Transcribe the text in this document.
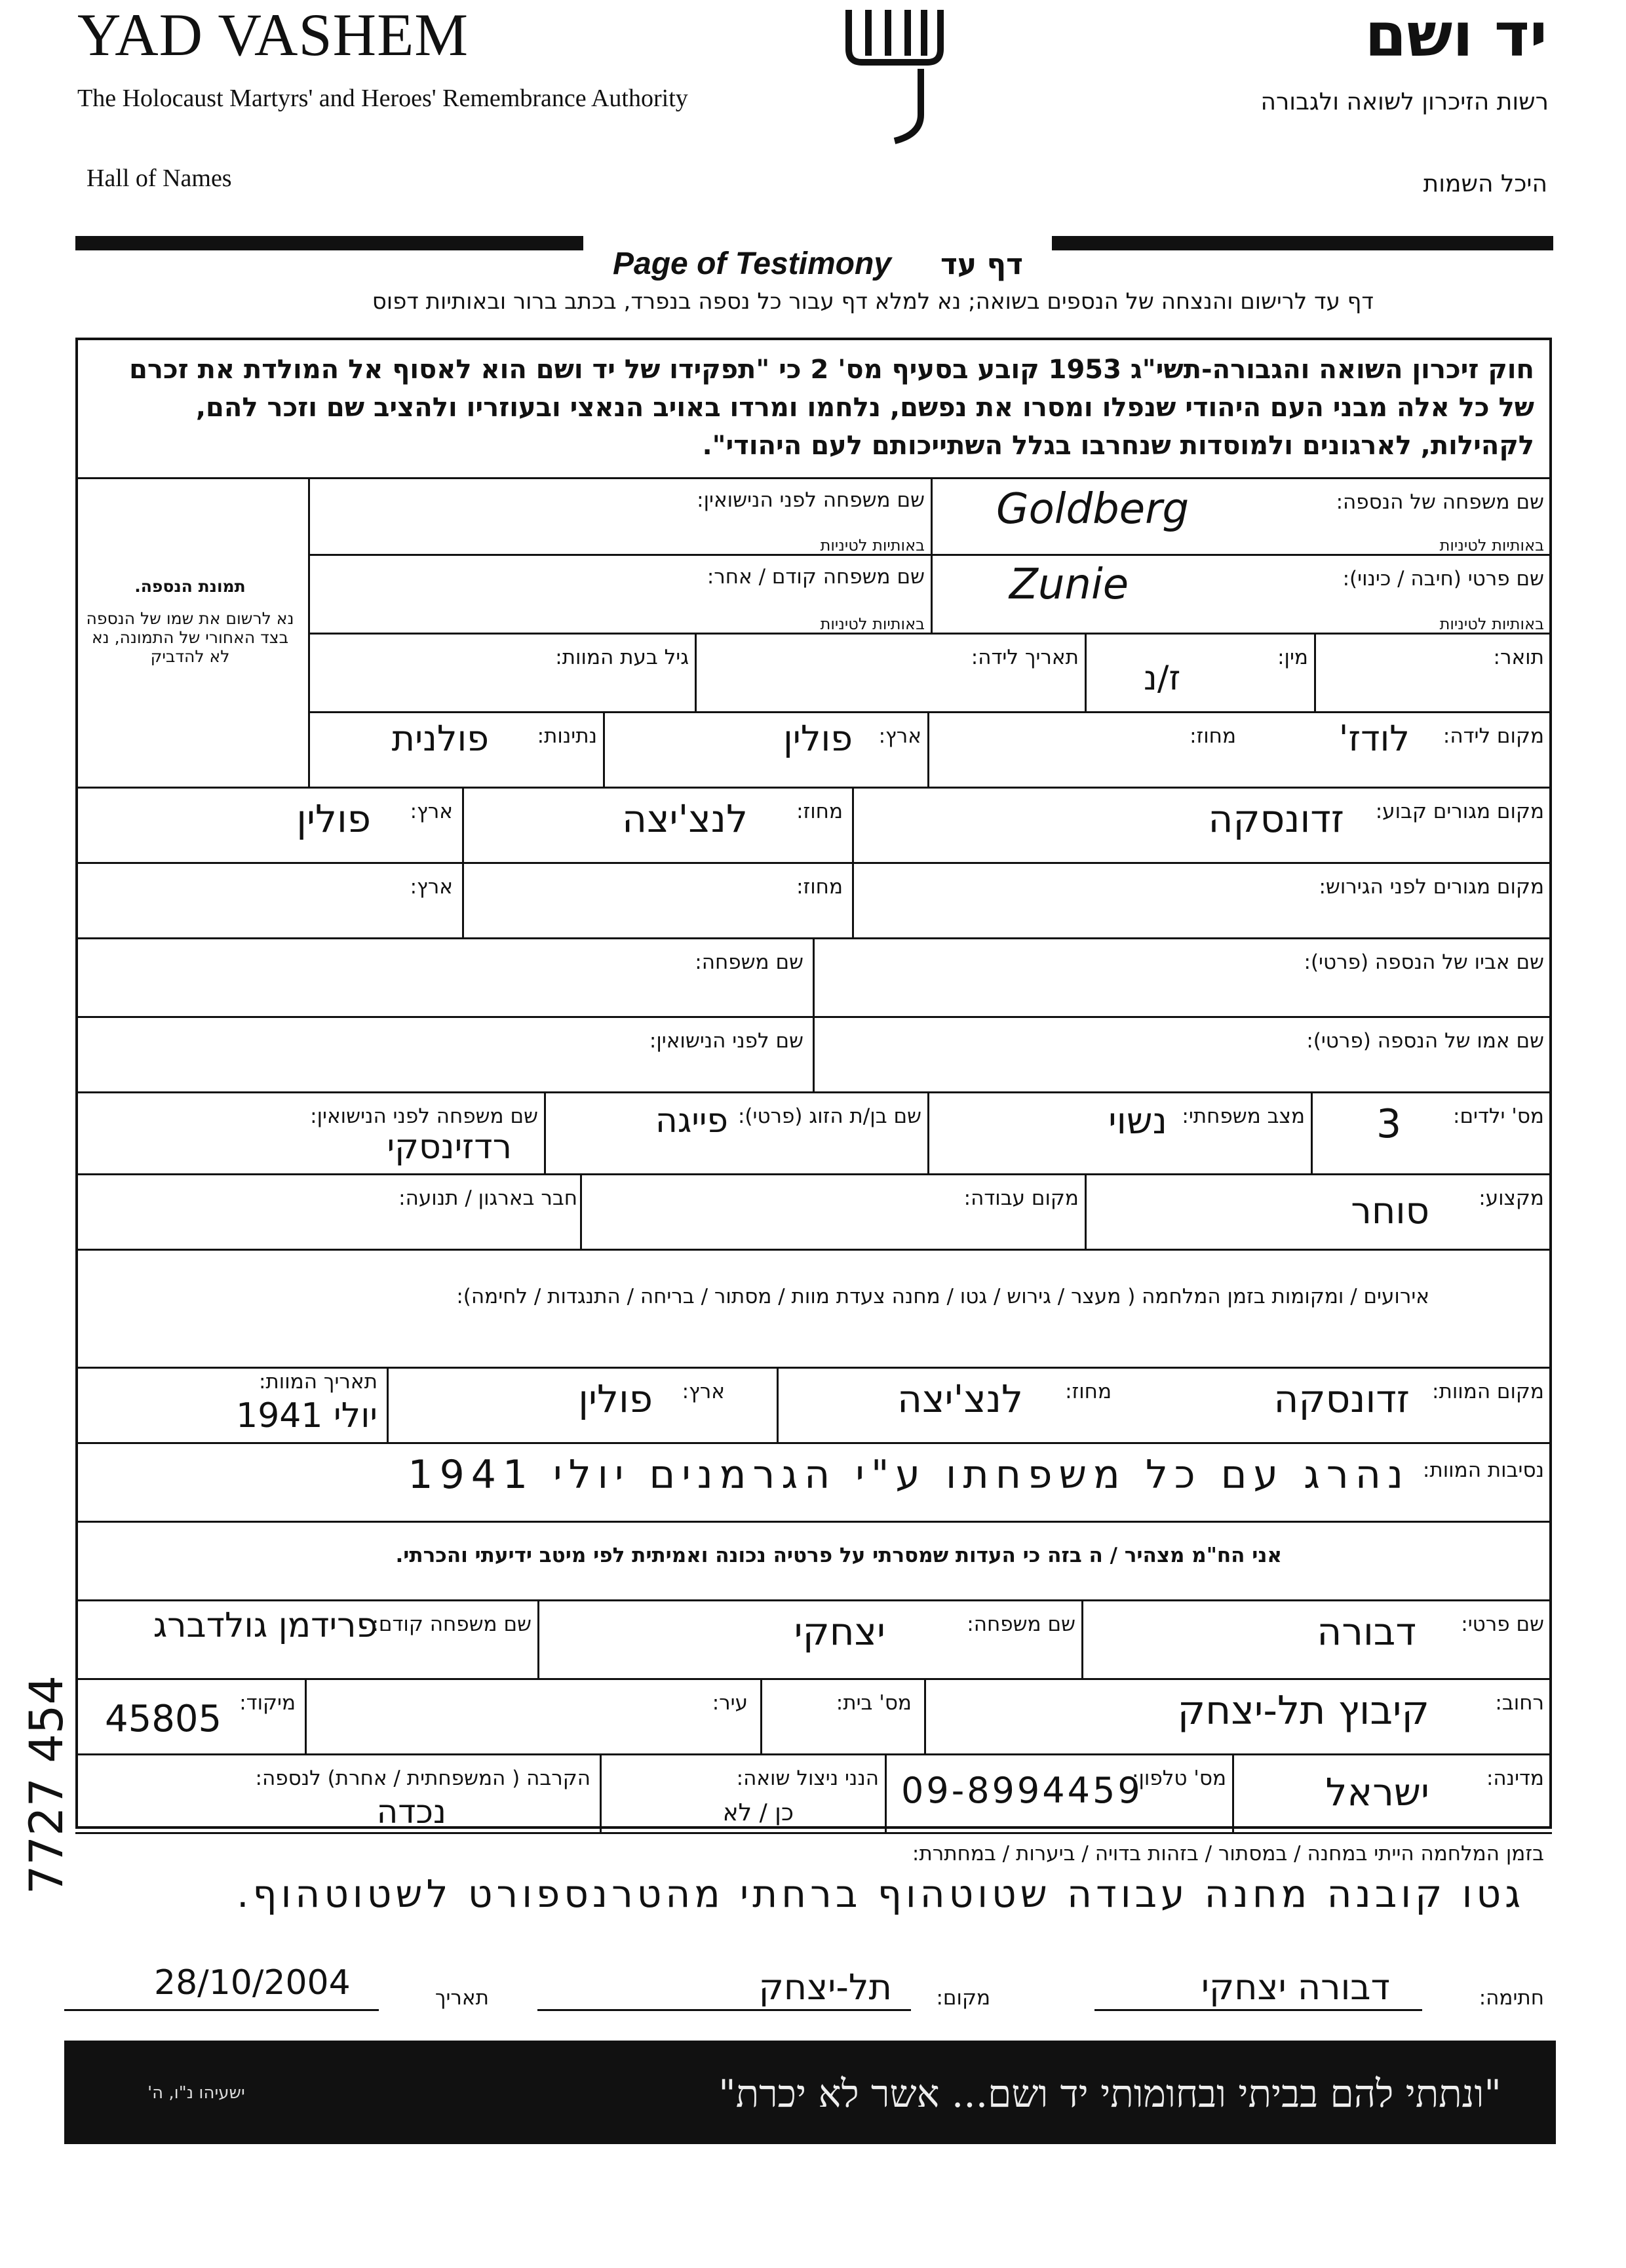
YAD VASHEM
The Holocaust Martyrs' and Heroes' Remembrance Authority
Hall of Names
יד ושם
רשות הזיכרון לשואה ולגבורה
היכל השמות
Page of Testimony דף עד
דף עד לרישום והנצחה של הנספים בשואה; נא למלא דף עבור כל נספה בנפרד, בכתב ברור ובאותיות דפוס
חוק זיכרון השואה והגבורה-תשי"ג 1953 קובע בסעיף מס' 2 כי "תפקידו של יד ושם הוא לאסוף אל המולדת את זכרם של כל אלה מבני העם היהודי שנפלו ומסרו את נפשם, נלחמו ומרדו באויב הנאצי ובעוזריו ולהציב שם וזכר להם, לקהילות, לארגונים ולמוסדות שנחרבו בגלל השתייכותם לעם היהודי".
תמונת הנספה.
נא לרשום את שמו של הנספה בצד האחורי של התמונה, נא לא להדביק
שם משפחה של הנספה:
באותיות לטיניות
Goldberg
שם משפחה לפני הנישואין:
באותיות לטיניות
שם פרטי (חיבה / כינוי):
באותיות לטיניות
Zunie
שם משפחה קודם / אחר:
באותיות לטיניות
תואר:
מין:
ז/נ
תאריך לידה:
גיל בעת המוות:
מקום לידה:
לודז'
מחוז:
ארץ:
פולין
נתינות:
פולנית
מקום מגורים קבוע:
זדונסקה
מחוז:
לנצ'יצה
ארץ:
פולין
מקום מגורים לפני הגירוש:
מחוז:
ארץ:
שם אביו של הנספה (פרטי):
שם משפחה:
שם אמו של הנספה (פרטי):
שם לפני הנישואין:
מס' ילדים:
3
מצב משפחתי:
נשוי
שם בן/ת הזוג (פרטי):
פייגה
שם משפחה לפני הנישואין:
רדזינסקי
מקצוע:
סוחר
מקום עבודה:
חבר בארגון / תנועה:
אירועים / ומקומות בזמן המלחמה ( מעצר / גירוש / גטו / מחנה צעדת מוות / מסתור / בריחה / התנגדות / לחימה):
מקום המוות:
זדונסקה
מחוז:
לנצ'יצה
ארץ:
פולין
תאריך המוות:
יולי 1941
נסיבות המוות:
נהרג עם כל משפחתו ע"י הגרמנים יולי 1941
אני הח"מ מצהיר / ה בזה כי העדות שמסרתי על פרטיה נכונה ואמיתית לפי מיטב ידיעתי והכרתי.
שם פרטי:
דבורה
שם משפחה:
יצחקי
שם משפחה קודם:
פרידמן גולדברג
רחוב:
קיבוץ תל-יצחק
מס' בית:
עיר:
מיקוד:
45805
מדינה:
ישראל
מס' טלפון:
09-8994459
הנני ניצול שואה:
כן / לא
הקרבה ( המשפחתית / אחרת) לנספה:
נכדה
בזמן המלחמה הייתי במחנה / במסתור / בזהות בדויה / ביערות / במחתרת:
גטו קובנה מחנה עבודה שטוטהוף ברחתי מהטרנספורט לשטוטהוף.
חתימה:
דבורה יצחקי
מקום:
תל-יצחק
תאריך
28/10/2004
7727 454
"ונתתי להם בביתי ובחומותי יד ושם... אשר לא יכרת"
ישעיהו נ"ו, ה'
